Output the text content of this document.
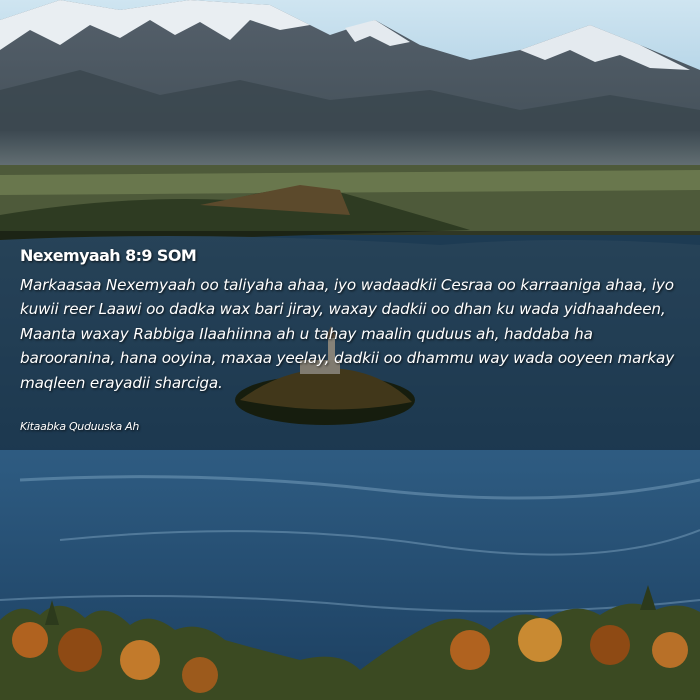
Nexemyaah 8:9 SOM

Markaasaa Nexemyaah oo taliyaha ahaa, iyo wadaadkii Cesraa oo karraaniga ahaa, iyo kuwii reer Laawi oo dadka wax bari jiray, waxay dadkii oo dhan ku wada yidhaahdeen, Maanta waxay Rabbiga Ilaahiinna ah u tahay maalin quduus ah, haddaba ha barooranina, hana ooyina, maxaa yeelay, dadkii oo dhammu way wada ooyeen markay maqleen erayadii sharciga.

Kitaabka Quduuska Ah
